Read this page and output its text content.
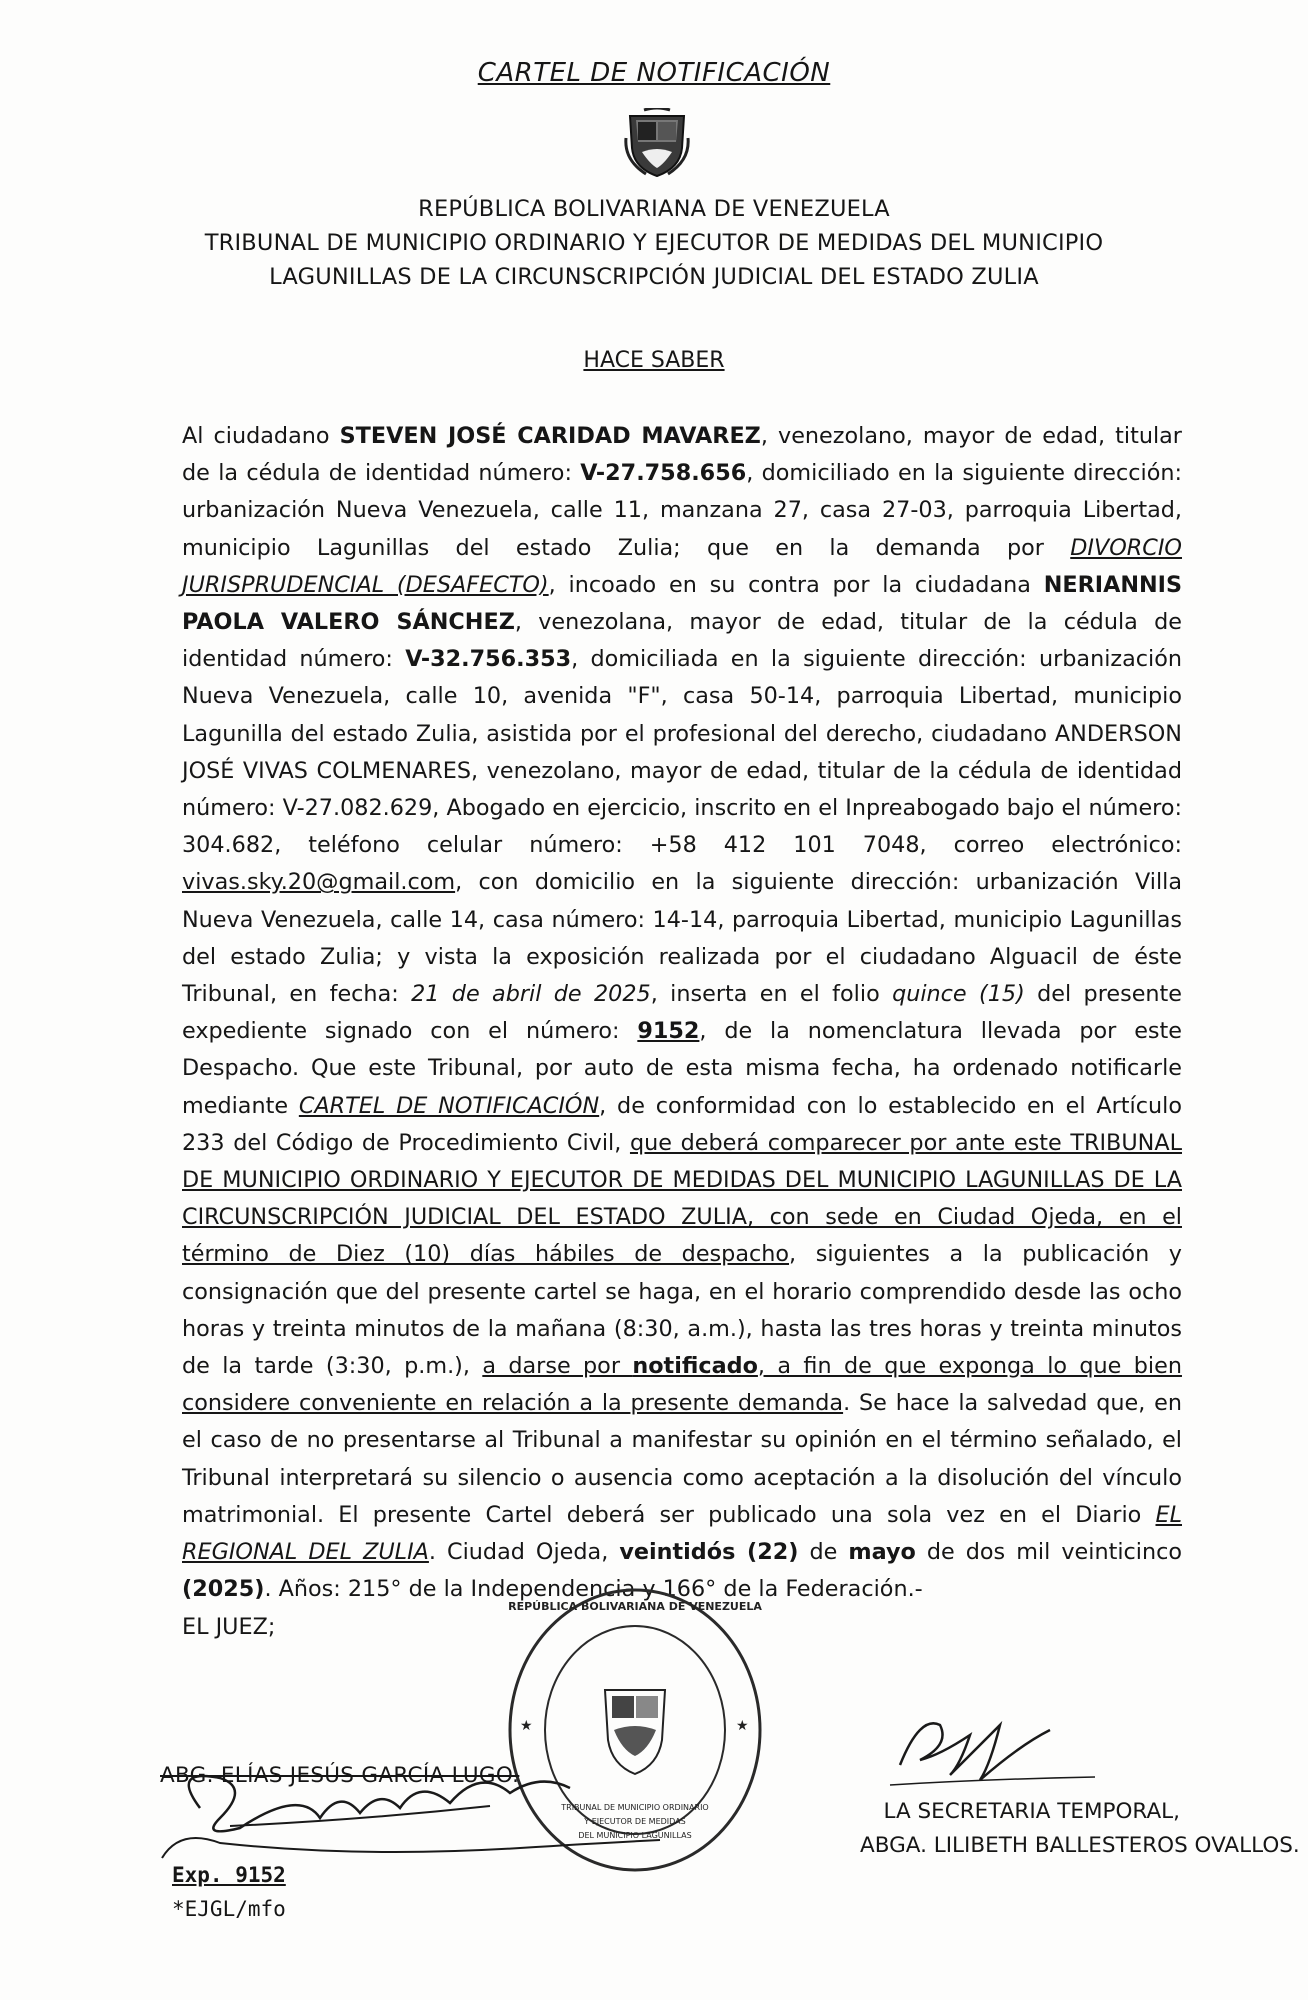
CARTEL DE NOTIFICACIÓN
REPÚBLICA BOLIVARIANA DE VENEZUELA
TRIBUNAL DE MUNICIPIO ORDINARIO Y EJECUTOR DE MEDIDAS DEL MUNICIPIO
LAGUNILLAS DE LA CIRCUNSCRIPCIÓN JUDICIAL DEL ESTADO ZULIA
HACE SABER

Al ciudadano STEVEN JOSÉ CARIDAD MAVAREZ, venezolano, mayor de edad, titular de la cédula de identidad número: V-27.758.656, domiciliado en la siguiente dirección: urbanización Nueva Venezuela, calle 11, manzana 27, casa 27-03, parroquia Libertad, municipio Lagunillas del estado Zulia; que en la demanda por DIVORCIO JURISPRUDENCIAL (DESAFECTO), incoado en su contra por la ciudadana NERIANNIS PAOLA VALERO SÁNCHEZ, venezolana, mayor de edad, titular de la cédula de identidad número: V-32.756.353, domiciliada en la siguiente dirección: urbanización Nueva Venezuela, calle 10, avenida "F", casa 50-14, parroquia Libertad, municipio Lagunilla del estado Zulia, asistida por el profesional del derecho, ciudadano ANDERSON JOSÉ VIVAS COLMENARES, venezolano, mayor de edad, titular de la cédula de identidad número: V-27.082.629, Abogado en ejercicio, inscrito en el Inpreabogado bajo el número: 304.682, teléfono celular número: +58 412 101 7048, correo electrónico: vivas.sky.20@gmail.com, con domicilio en la siguiente dirección: urbanización Villa Nueva Venezuela, calle 14, casa número: 14-14, parroquia Libertad, municipio Lagunillas del estado Zulia; y vista la exposición realizada por el ciudadano Alguacil de éste Tribunal, en fecha: 21 de abril de 2025, inserta en el folio quince (15) del presente expediente signado con el número: 9152, de la nomenclatura llevada por este Despacho. Que este Tribunal, por auto de esta misma fecha, ha ordenado notificarle mediante CARTEL DE NOTIFICACIÓN, de conformidad con lo establecido en el Artículo 233 del Código de Procedimiento Civil, que deberá comparecer por ante este TRIBUNAL DE MUNICIPIO ORDINARIO Y EJECUTOR DE MEDIDAS DEL MUNICIPIO LAGUNILLAS DE LA CIRCUNSCRIPCIÓN JUDICIAL DEL ESTADO ZULIA, con sede en Ciudad Ojeda, en el término de Diez (10) días hábiles de despacho, siguientes a la publicación y consignación que del presente cartel se haga, en el horario comprendido desde las ocho horas y treinta minutos de la mañana (8:30, a.m.), hasta las tres horas y treinta minutos de la tarde (3:30, p.m.), a darse por notificado, a fin de que exponga lo que bien considere conveniente en relación a la presente demanda. Se hace la salvedad que, en el caso de no presentarse al Tribunal a manifestar su opinión en el término señalado, el Tribunal interpretará su silencio o ausencia como aceptación a la disolución del vínculo matrimonial. El presente Cartel deberá ser publicado una sola vez en el Diario EL REGIONAL DEL ZULIA. Ciudad Ojeda, veintidós (22) de mayo de dos mil veinticinco (2025). Años: 215° de la Independencia y 166° de la Federación.-

EL JUEZ;

REPÚBLICA BOLIVARIANA DE VENEZUELA
TRIBUNAL DE MUNICIPIO ORDINARIO
Y EJECUTOR DE MEDIDAS
DEL MUNICIPIO LAGUNILLAS
★	★
ABG. ELÍAS JESÚS GARCÍA LUGO.
LA SECRETARIA TEMPORAL,
ABGA. LILIBETH BALLESTEROS OVALLOS.
Exp. 9152
*EJGL/mfo
